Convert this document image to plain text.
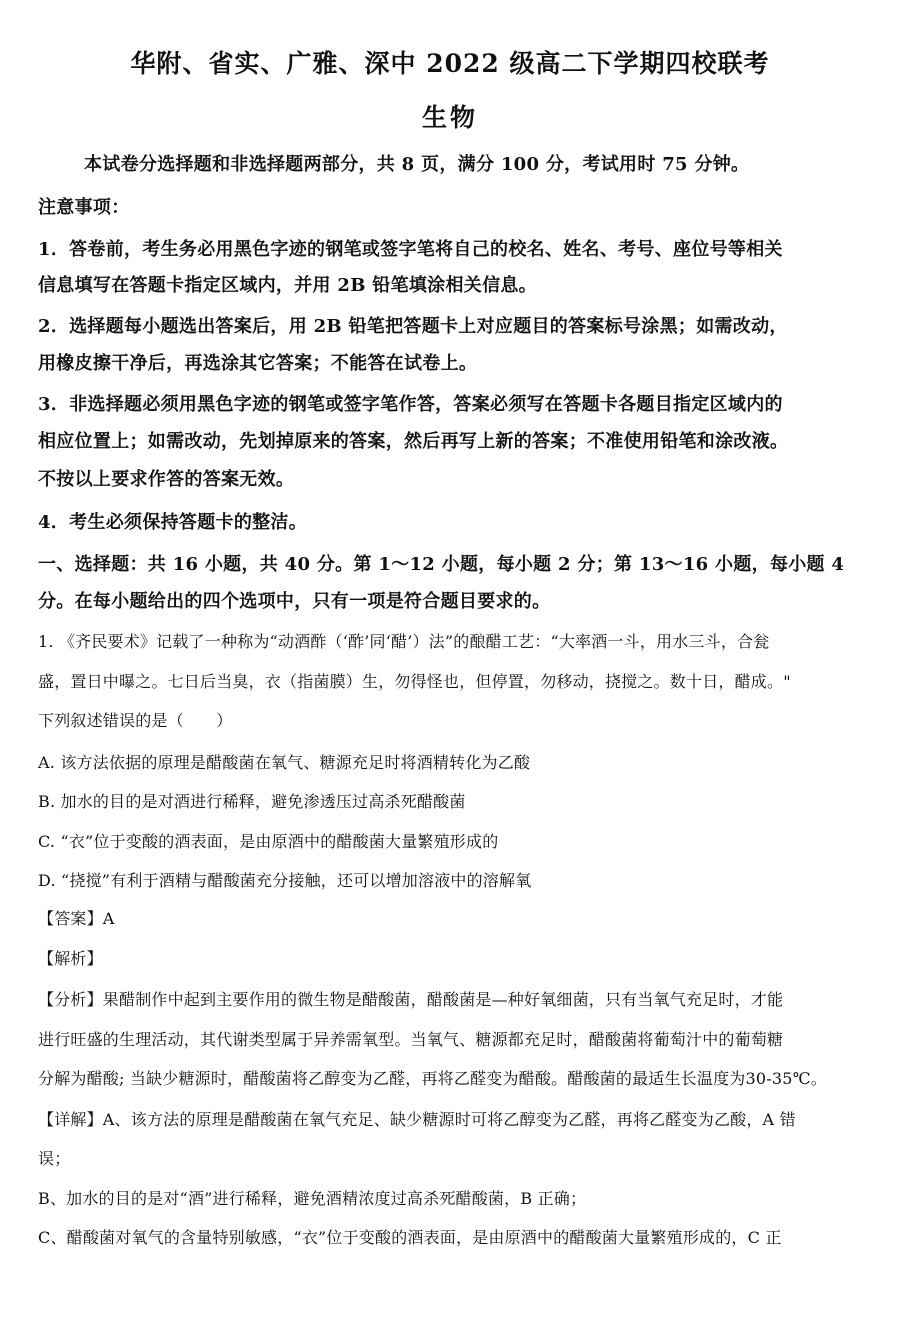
华附、省实、广雅、深中 2022 级高二下学期四校联考
生物
本试卷分选择题和非选择题两部分，共 8 页，满分 100 分，考试用时 75 分钟。
注意事项：
1．答卷前，考生务必用黑色字迹的钢笔或签字笔将自己的校名、姓名、考号、座位号等相关
信息填写在答题卡指定区域内，并用 2B 铅笔填涂相关信息。
2．选择题每小题选出答案后，用 2B 铅笔把答题卡上对应题目的答案标号涂黑；如需改动，
用橡皮擦干净后，再选涂其它答案；不能答在试卷上。
3．非选择题必须用黑色字迹的钢笔或签字笔作答，答案必须写在答题卡各题目指定区域内的
相应位置上；如需改动，先划掉原来的答案，然后再写上新的答案；不准使用铅笔和涂改液。
不按以上要求作答的答案无效。
4．考生必须保持答题卡的整洁。
一、选择题：共 16 小题，共 40 分。第 1～12 小题，每小题 2 分；第 13～16 小题，每小题 4
分。在每小题给出的四个选项中，只有一项是符合题目要求的。
1. 《齐民要术》记载了一种称为“动酒酢（‘酢’同‘醋’）法”的酿醋工艺：“大率酒一斗，用水三斗，合瓮
盛，置日中曝之。七日后当臭，衣（指菌膜）生，勿得怪也，但停置，勿移动，挠搅之。数十日，醋成。"
下列叙述错误的是（　　）
A. 该方法依据的原理是醋酸菌在氧气、糖源充足时将酒精转化为乙酸
B. 加水的目的是对酒进行稀释，避免渗透压过高杀死醋酸菌
C. “衣”位于变酸的酒表面，是由原酒中的醋酸菌大量繁殖形成的
D. “挠搅”有利于酒精与醋酸菌充分接触，还可以增加溶液中的溶解氧
【答案】A
【解析】
【分析】果醋制作中起到主要作用的微生物是醋酸菌，醋酸菌是—种好氧细菌，只有当氧气充足时，才能
进行旺盛的生理活动，其代谢类型属于异养需氧型。当氧气、糖源都充足时，醋酸菌将葡萄汁中的葡萄糖
分解为醋酸; 当缺少糖源时，醋酸菌将乙醇变为乙醛，再将乙醛变为醋酸。醋酸菌的最适生长温度为30-35℃。
【详解】A、该方法的原理是醋酸菌在氧气充足、缺少糖源时可将乙醇变为乙醛，再将乙醛变为乙酸，A 错
误；
B、加水的目的是对“酒”进行稀释，避免酒精浓度过高杀死醋酸菌，B 正确；
C、醋酸菌对氧气的含量特别敏感，“衣”位于变酸的酒表面，是由原酒中的醋酸菌大量繁殖形成的，C 正
